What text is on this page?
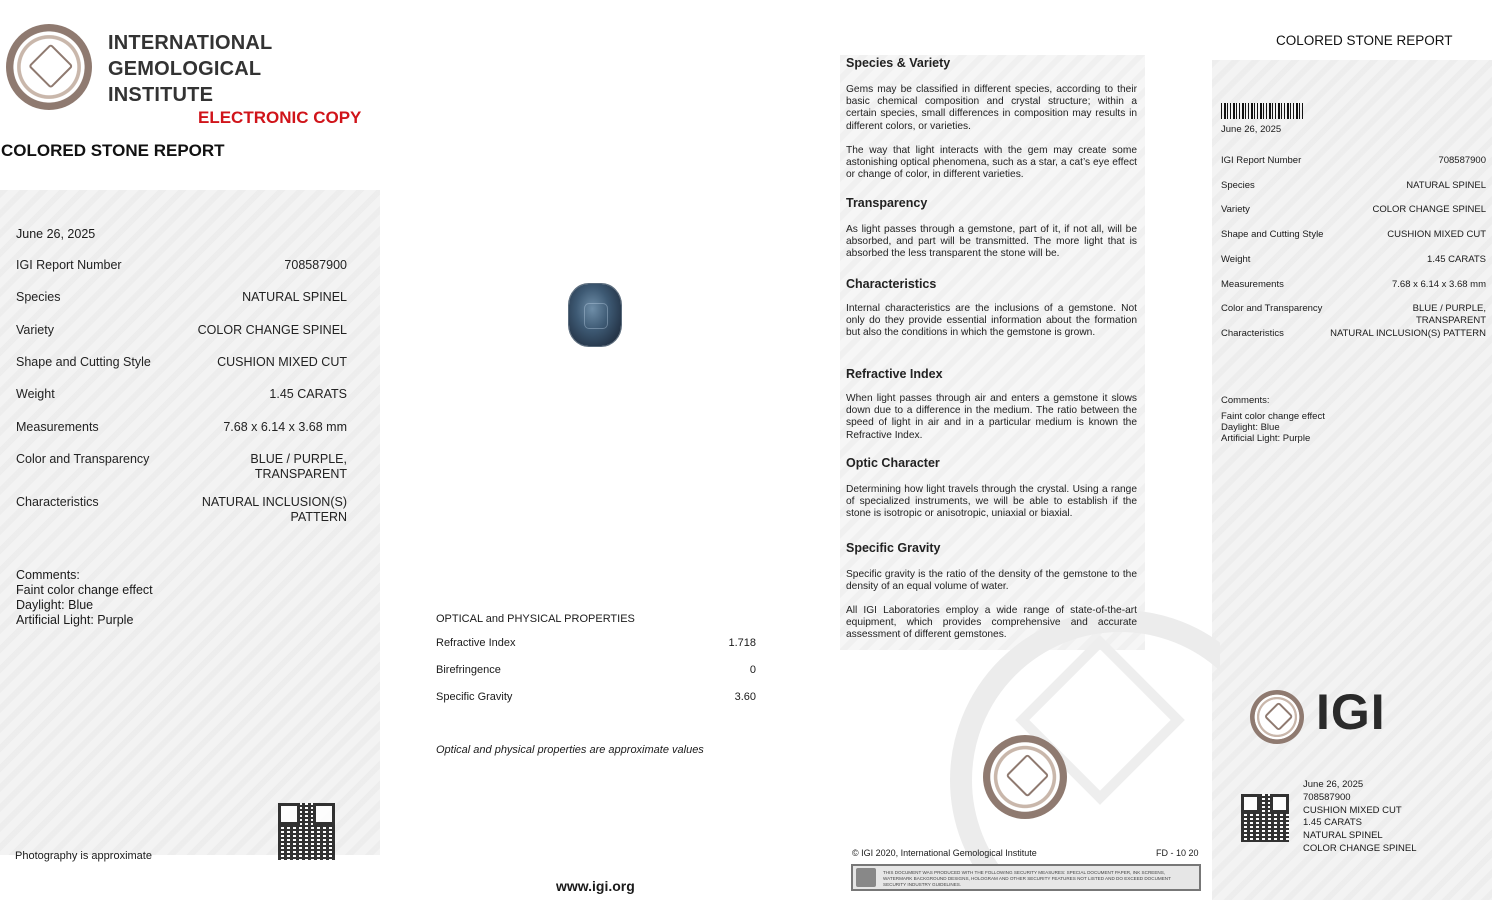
INTERNATIONAL
GEMOLOGICAL
INSTITUTE
ELECTRONIC COPY
COLORED STONE REPORT
June 26, 2025
IGI Report Number	708587900
Species	NATURAL SPINEL
Variety	COLOR CHANGE SPINEL
Shape and Cutting Style	CUSHION MIXED CUT
Weight	1.45 CARATS
Measurements	7.68 x 6.14 x 3.68 mm
Color and Transparency	BLUE / PURPLE,
TRANSPARENT
Characteristics	NATURAL INCLUSION(S)
PATTERN
Comments:
Faint color change effect
Daylight: Blue
Artificial Light: Purple
Photography is approximate
OPTICAL and PHYSICAL PROPERTIES
Refractive Index	1.718
Birefringence	0
Specific Gravity	3.60
Optical and physical properties are approximate values
www.igi.org
Species & Variety
Gems may be classified in different species, according to their basic chemical composition and crystal structure; within a certain species, small differences in composition may results in different colors, or varieties.
The way that light interacts with the gem may create some astonishing optical phenomena, such as a star, a cat’s eye effect or change of color, in different varieties.
Transparency
As light passes through a gemstone, part of it, if not all, will be absorbed, and part will be transmitted. The more light that is absorbed the less transparent the stone will be.
Characteristics
Internal characteristics are the inclusions of a gemstone. Not only do they provide essential information about the formation but also the conditions in which the gemstone is grown.
Refractive Index
When light passes through air and enters a gemstone it slows down due to a difference in the medium. The ratio between the speed of light in air and in a particular medium is known the Refractive Index.
Optic Character
Determining how light travels through the crystal. Using a range of specialized instruments, we will be able to establish if the stone is isotropic or anisotropic, uniaxial or biaxial.
Specific Gravity
Specific gravity is the ratio of the density of the gemstone to the density of an equal volume of water.
All IGI Laboratories employ a wide range of state-of-the-art equipment, which provides comprehensive and accurate assessment of different gemstones.
© IGI 2020, International Gemological Institute	FD - 10 20
THIS DOCUMENT WAS PRODUCED WITH THE FOLLOWING SECURITY MEASURES: SPECIAL DOCUMENT PAPER, INK SCREENS, WATERMARK BACKGROUND DESIGNS, HOLOGRAM AND OTHER SECURITY FEATURES NOT LISTED AND DO EXCEED DOCUMENT SECURITY INDUSTRY GUIDELINES.
COLORED STONE REPORT
June 26, 2025
IGI Report Number	708587900
Species	NATURAL SPINEL
Variety	COLOR CHANGE SPINEL
Shape and Cutting Style	CUSHION MIXED CUT
Weight	1.45 CARATS
Measurements	7.68 x 6.14 x 3.68 mm
Color and Transparency	BLUE / PURPLE,
TRANSPARENT
Characteristics	NATURAL INCLUSION(S) PATTERN
Comments:
Faint color change effect
Daylight: Blue
Artificial Light: Purple
IGI
June 26, 2025
708587900
CUSHION MIXED CUT
1.45 CARATS
NATURAL SPINEL
COLOR CHANGE SPINEL
